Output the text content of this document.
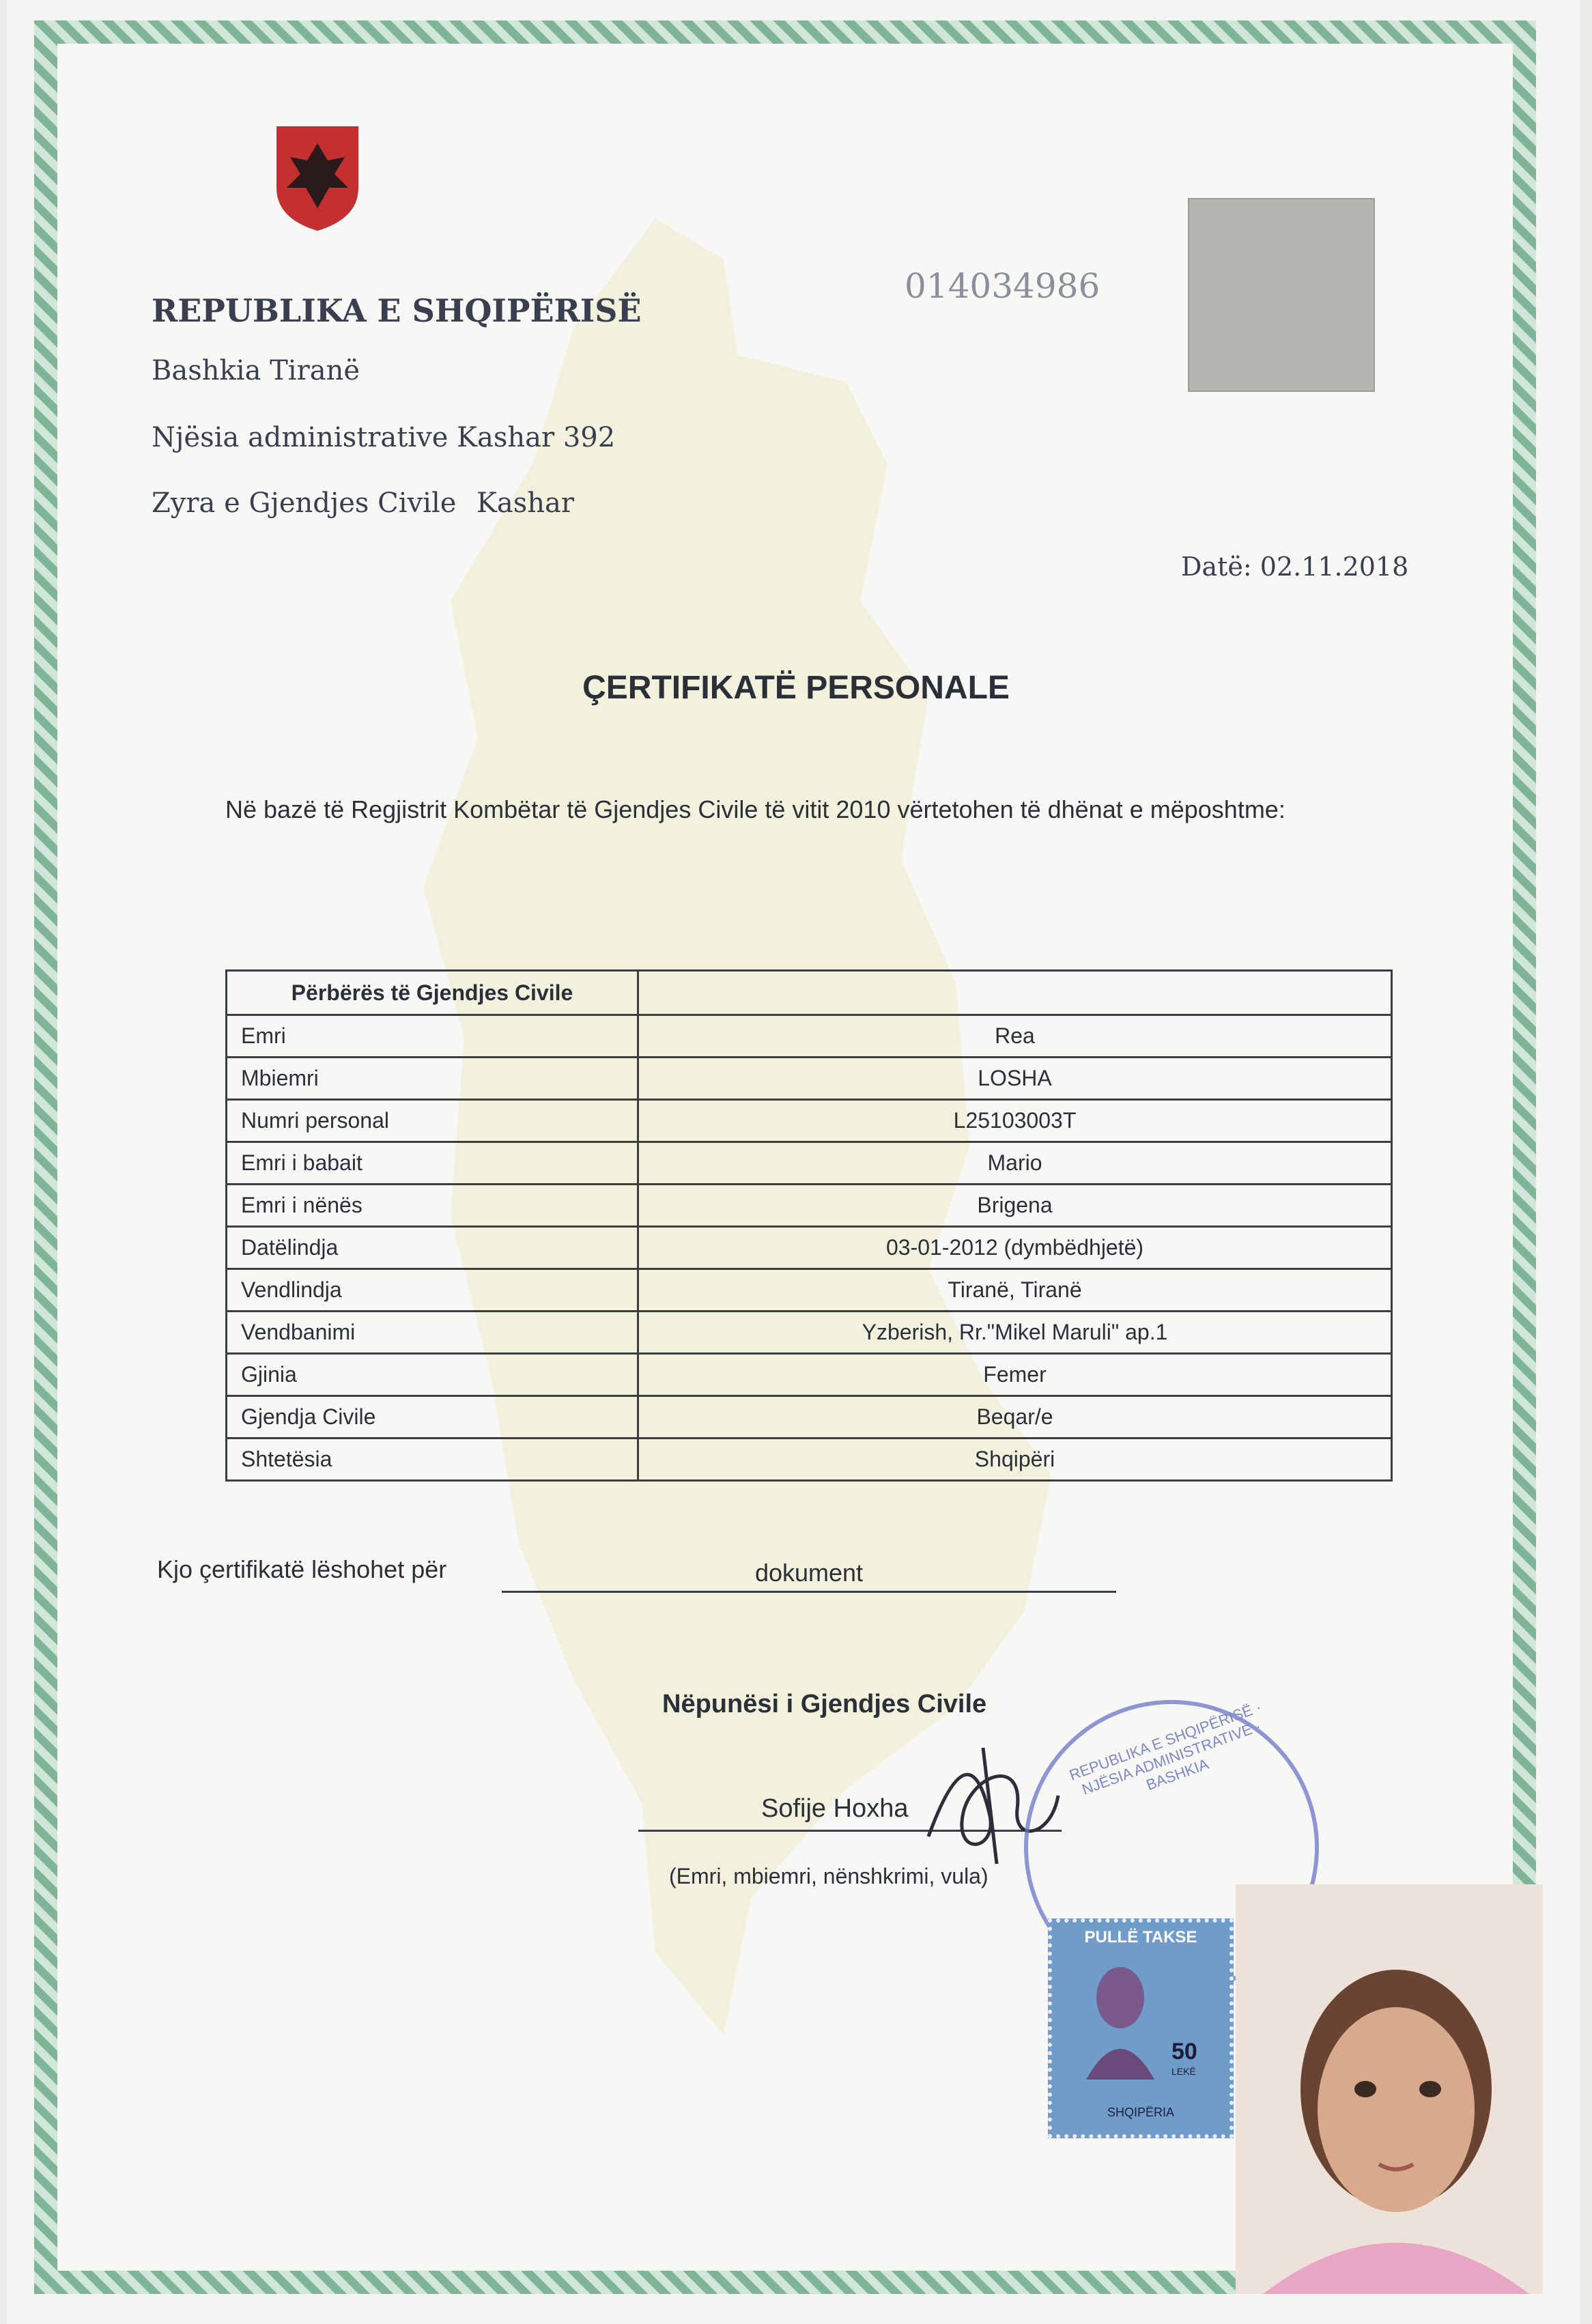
014034986
REPUBLIKA E SHQIPËRISË
Bashkia Tiranë
Njësia administrative Kashar 392
Zyra e Gjendjes Civile Kashar
Datë: 02.11.2018
ÇERTIFIKATË PERSONALE
Në bazë të Regjistrit Kombëtar të Gjendjes Civile të vitit 2010 vërtetohen të dhënat e mëposhtme:
Përbërës të Gjendjes Civile	
Emri	Rea
Mbiemri	LOSHA
Numri personal	L25103003T
Emri i babait	Mario
Emri i nënës	Brigena
Datëlindja	03-01-2012 (dymbëdhjetë)
Vendlindja	Tiranë, Tiranë
Vendbanimi	Yzberish, Rr."Mikel Maruli" ap.1
Gjinia	Femer
Gjendja Civile	Beqar/e
Shtetësia	Shqipëri
Kjo çertifikatë lëshohet për	dokument
Nëpunësi i Gjendjes Civile
Sofije Hoxha
(Emri, mbiemri, nënshkrimi, vula)
REPUBLIKA E SHQIPËRISË · NJËSIA ADMINISTRATIVE · BASHKIA
PULLË TAKSE
50
LEKË
SHQIPËRIA
